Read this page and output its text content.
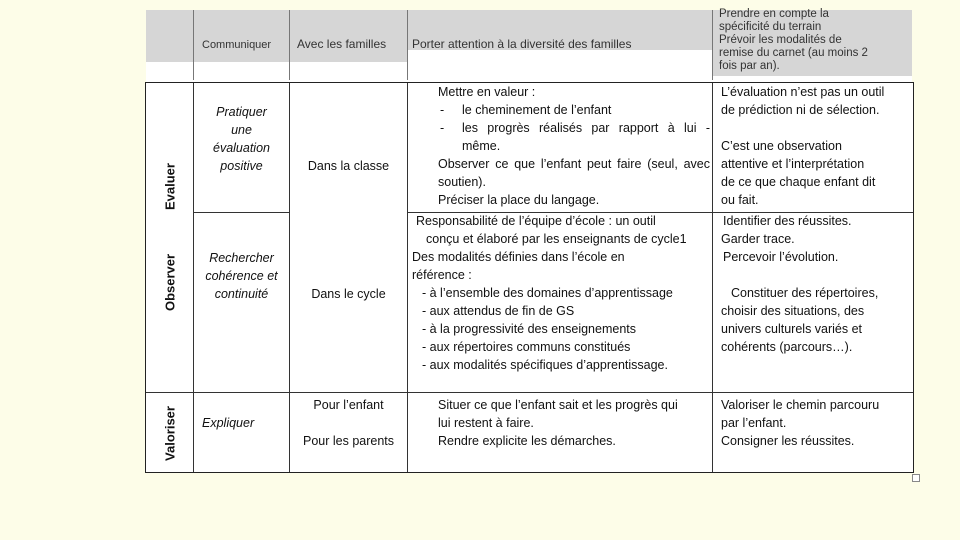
Communiquer Avec les familles Porter attention à la diversité des familles
Prendre en compte la
spécificité du terrain
Prévoir les modalités de
remise du carnet (au moins 2
fois par an).
Evaluer
Observer
Valoriser
Pratiquer
une
évaluation
positive	Dans la classe
Mettre en valeur :
- le cheminement de l’enfant
- les progrès réalisés par rapport à lui - même.
Observer ce que l’enfant peut faire (seul, avec soutien).
Préciser la place du langage.
L’évaluation n’est pas un outil
de prédiction ni de sélection.
C’est une observation
attentive et l’interprétation
de ce que chaque enfant dit
ou fait.
Rechercher
cohérence et
continuité	Dans le cycle
Responsabilité de l’équipe d’école : un outil
conçu et élaboré par les enseignants de cycle1
Des modalités définies dans l’école en
référence :
- à l’ensemble des domaines d’apprentissage
- aux attendus de fin de GS
- à la progressivité des enseignements
- aux répertoires communs constitués
- aux modalités spécifiques d’apprentissage.
Identifier des réussites.
Garder trace.
Percevoir l’évolution.
Constituer des répertoires,
choisir des situations, des
univers culturels variés et
cohérents (parcours…).
Expliquer
Pour l’enfant
Pour les parents
Situer ce que l’enfant sait et les progrès qui
lui restent à faire.
Rendre explicite les démarches.
Valoriser le chemin parcouru
par l’enfant.
Consigner les réussites.
